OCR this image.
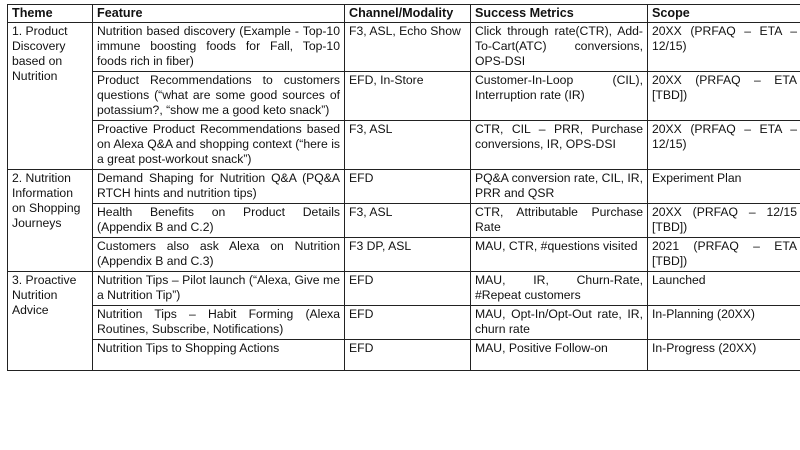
Theme	Feature	Channel/Modality	Success Metrics	Scope
1. Product Discovery based on Nutrition	Nutrition based discovery (Example - Top-10 immune boosting foods for Fall, Top-10 foods rich in fiber)	F3, ASL, Echo Show	Click through rate(CTR), Add-To-Cart(ATC) conversions, OPS-DSI	20XX (PRFAQ – ETA – 12/15)
	Product Recommendations to customers questions (“what are some good sources of potassium?, “show me a good keto snack”)	EFD, In-Store	Customer-In-Loop (CIL), Interruption rate (IR)	20XX (PRFAQ – ETA [TBD])
	Proactive Product Recommendations based on Alexa Q&A and shopping context (“here is a great post-workout snack”)	F3, ASL	CTR, CIL – PRR, Purchase conversions, IR, OPS-DSI	20XX (PRFAQ – ETA – 12/15)
2. Nutrition Information on Shopping Journeys	Demand Shaping for Nutrition Q&A (PQ&A RTCH hints and nutrition tips)	EFD	PQ&A conversion rate, CIL, IR, PRR and QSR	Experiment Plan
	Health Benefits on Product Details (Appendix B and C.2)	F3, ASL	CTR, Attributable Purchase Rate	20XX (PRFAQ – 12/15 [TBD])
	Customers also ask Alexa on Nutrition (Appendix B and C.3)	F3 DP, ASL	MAU, CTR, #questions visited	2021 (PRFAQ – ETA [TBD])
3. Proactive Nutrition Advice	Nutrition Tips – Pilot launch (“Alexa, Give me a Nutrition Tip”)	EFD	MAU, IR, Churn-Rate, #Repeat customers	Launched
	Nutrition Tips – Habit Forming (Alexa Routines, Subscribe, Notifications)	EFD	MAU, Opt-In/Opt-Out rate, IR, churn rate	In-Planning (20XX)
	Nutrition Tips to Shopping Actions	EFD	MAU, Positive Follow-on	In-Progress (20XX)
